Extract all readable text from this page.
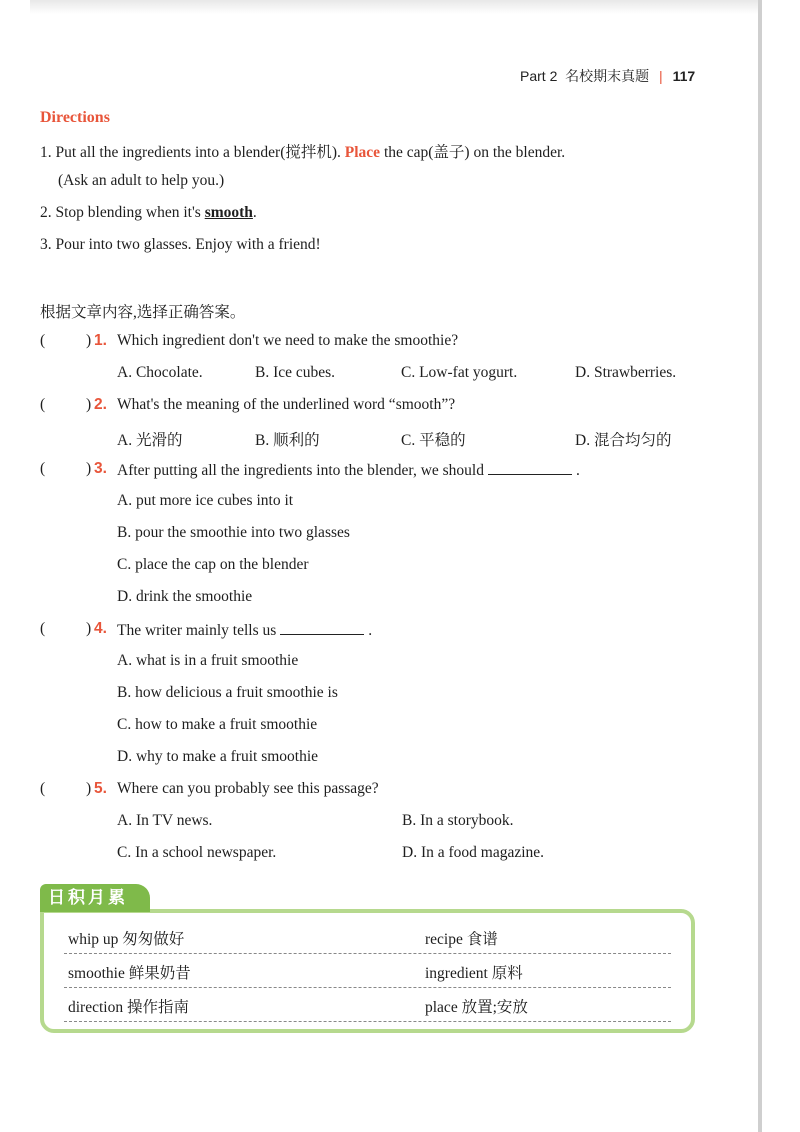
Part 2 名校期末真题 | 117
Directions
1. Put all the ingredients into a blender(搅拌机). Place the cap(盖子) on the blender.
(Ask an adult to help you.)
2. Stop blending when it's smooth.
3. Pour into two glasses. Enjoy with a friend!
根据文章内容,选择正确答案。
(	) 1. Which ingredient don't we need to make the smoothie?
A. Chocolate.	B. Ice cubes.	C. Low-fat yogurt.	D. Strawberries.
(	) 2. What's the meaning of the underlined word “smooth”?
A. 光滑的	B. 顺利的	C. 平稳的	D. 混合均匀的
(	) 3. After putting all the ingredients into the blender, we should	.
A. put more ice cubes into it
B. pour the smoothie into two glasses
C. place the cap on the blender
D. drink the smoothie
(	) 4. The writer mainly tells us	.
A. what is in a fruit smoothie
B. how delicious a fruit smoothie is
C. how to make a fruit smoothie
D. why to make a fruit smoothie
(	) 5. Where can you probably see this passage?
A. In TV news.	B. In a storybook.
C. In a school newspaper.	D. In a food magazine.
whip up 匆匆做好	recipe 食谱
smoothie 鲜果奶昔	ingredient 原料
direction 操作指南	place 放置;安放
日积月累
